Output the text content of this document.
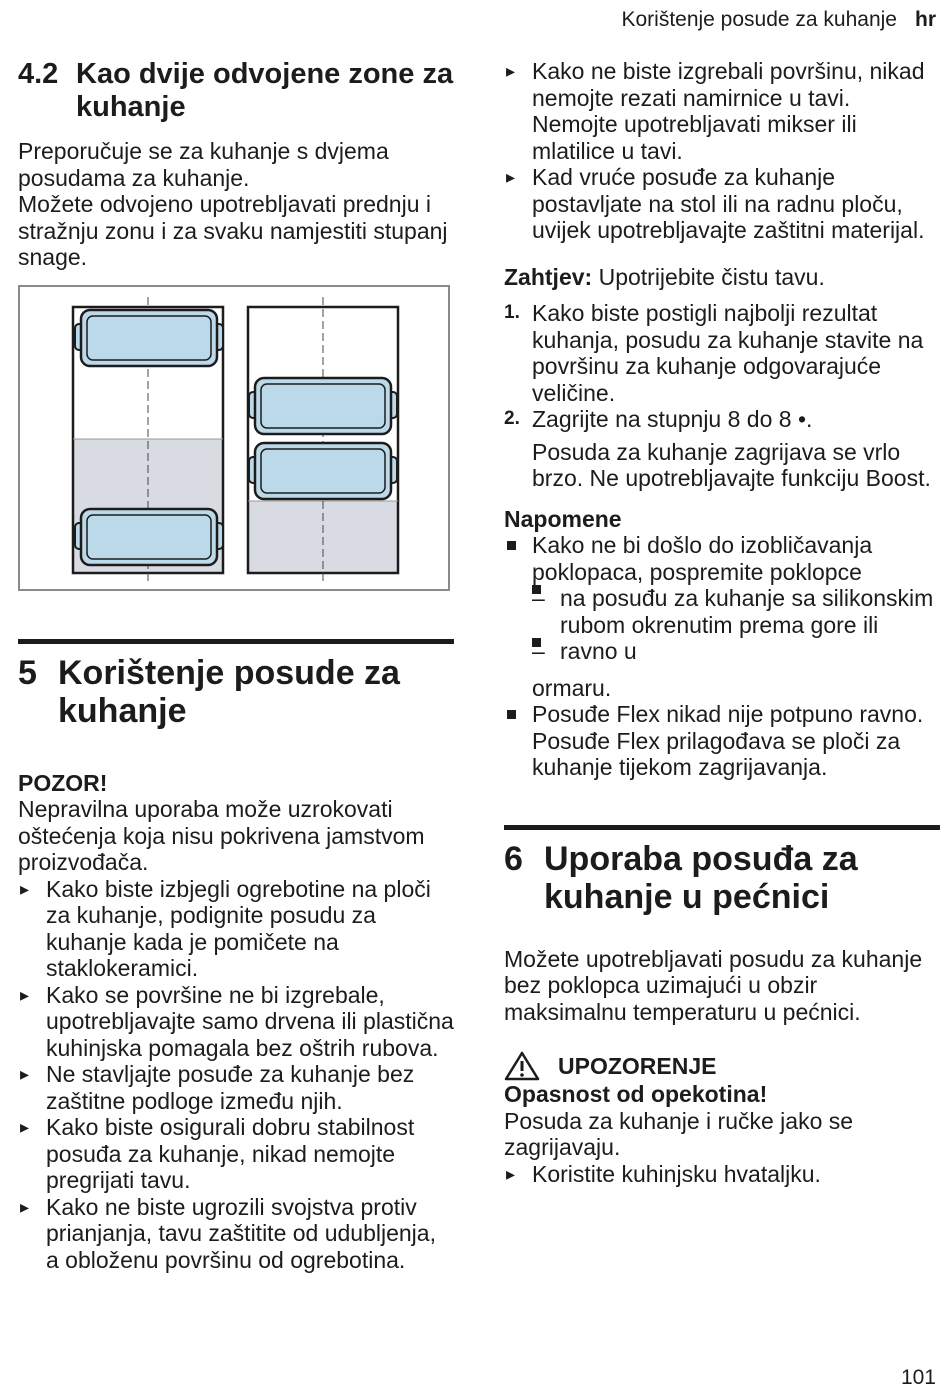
Korištenje posude za kuhanje hr
4.2 Kao dvije odvojene zone za kuhanje

Preporučuje se za kuhanje s dvjema posudama za kuhanje.

Možete odvojeno upotrebljavati prednju i stražnju zonu i za svaku namjestiti stupanj snage.

5 Korištenje posude za kuhanje

POZOR!

Nepravilna uporaba može uzrokovati oštećenja koja nisu pokrivena jamstvom proizvođača.

▸ Kako biste izbjegli ogrebotine na ploči za kuhanje, podignite posudu za kuhanje kada je pomičete na staklokeramici.
▸ Kako se površine ne bi izgrebale, upotrebljavajte samo drvena ili plastična kuhinjska pomagala bez oštrih rubova.
▸ Ne stavljajte posuđe za kuhanje bez zaštitne podloge između njih.
▸ Kako biste osigurali dobru stabilnost posuđa za kuhanje, nikad nemojte pregrijati tavu.
▸ Kako ne biste ugrozili svojstva protiv prianjanja, tavu zaštitite od udubljenja, a obloženu površinu od ogrebotina.
▸ Kako ne biste izgrebali površinu, nikad nemojte rezati namirnice u tavi. Nemojte upotrebljavati mikser ili mlatilice u tavi.
▸ Kad vruće posuđe za kuhanje postavljate na stol ili na radnu ploču, uvijek upotrebljavajte zaštitni materijal.

Zahtjev: Upotrijebite čistu tavu.

1. Kako biste postigli najbolji rezultat kuhanja, posudu za kuhanje stavite na površinu za kuhanje odgovarajuće veličine.
2. Zagrijte na stupnju 8 do 8 •.

Posuda za kuhanje zagrijava se vrlo brzo. Ne upotrebljavajte funkciju Boost.

Napomene

Kako ne bi došlo do izobličavanja poklopaca, pospremite poklopce
– na posuđu za kuhanje sa silikonskim rubom okrenutim prema gore ili
– ravno u
ormaru.
Posuđe Flex nikad nije potpuno ravno. Posuđe Flex prilagođava se ploči za kuhanje tijekom zagrijavanja.
6 Uporaba posuđa za kuhanje u pećnici

Možete upotrebljavati posudu za kuhanje bez poklopca uzimajući u obzir maksimalnu temperaturu u pećnici.

UPOZORENJE

Opasnost od opekotina!

Posuda za kuhanje i ručke jako se zagrijavaju.

▸ Koristite kuhinjsku hvataljku.
101
